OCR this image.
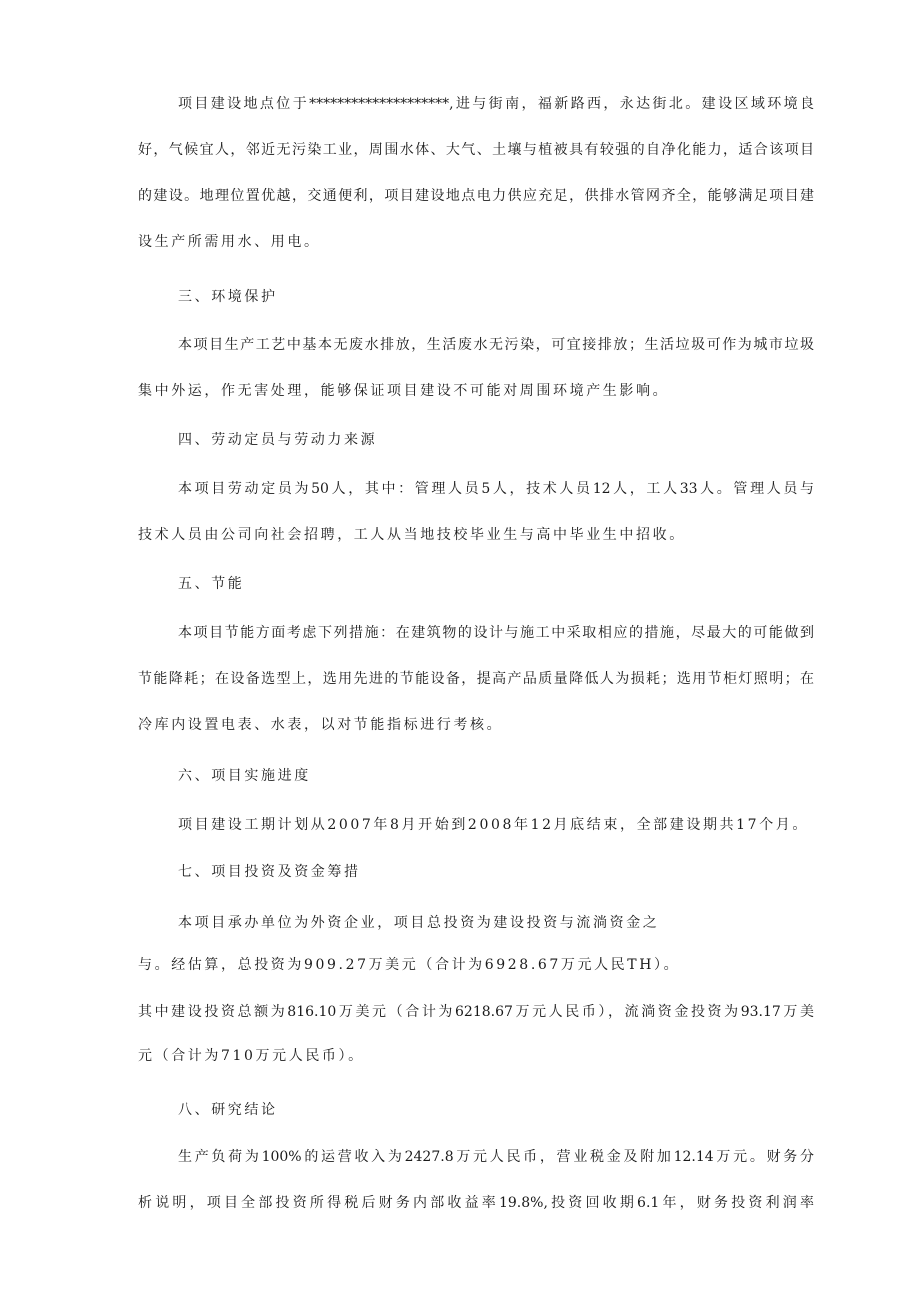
项目建设地点位于********************,进与街南，福新路西，永达街北。建设区域环境良
好，气候宜人，邻近无污染工业，周围水体、大气、土壤与植被具有较强的自净化能力，适合该项目
的建设。地理位置优越，交通便利，项目建设地点电力供应充足，供排水管网齐全，能够满足项目建
设生产所需用水、用电。
三、环境保护
本项目生产工艺中基本无废水排放，生活废水无污染，可宜接排放；生活垃圾可作为城市垃圾
集中外运，作无害处理，能够保证项目建设不可能对周围环境产生影响。
四、劳动定员与劳动力来源
本项目劳动定员为50人，其中：管理人员5人，技术人员12人，工人33人。管理人员与
技术人员由公司向社会招聘，工人从当地技校毕业生与高中毕业生中招收。
五、节能
本项目节能方面考虑下列措施：在建筑物的设计与施工中采取相应的措施，尽最大的可能做到
节能降耗；在设备选型上，选用先进的节能设备，提高产品质量降低人为损耗；选用节柜灯照明；在
冷库内设置电表、水表，以对节能指标进行考核。
六、项目实施进度
项目建设工期计划从2007年8月开始到2008年12月底结束，全部建设期共17个月。
七、项目投资及资金筹措
本项目承办单位为外资企业，项目总投资为建设投资与流淌资金之
与。经估算，总投资为909.27万美元（合计为6928.67万元人民TH）。
其中建设投资总额为816.10万美元（合计为6218.67万元人民币），流淌资金投资为93.17万美
元（合计为710万元人民币）。
八、研究结论
生产负荷为100%的运营收入为2427.8万元人民币，营业税金及附加12.14万元。财务分
析说明，项目全部投资所得税后财务内部收益率19.8%,投资回收期6.1年，财务投资利润率
